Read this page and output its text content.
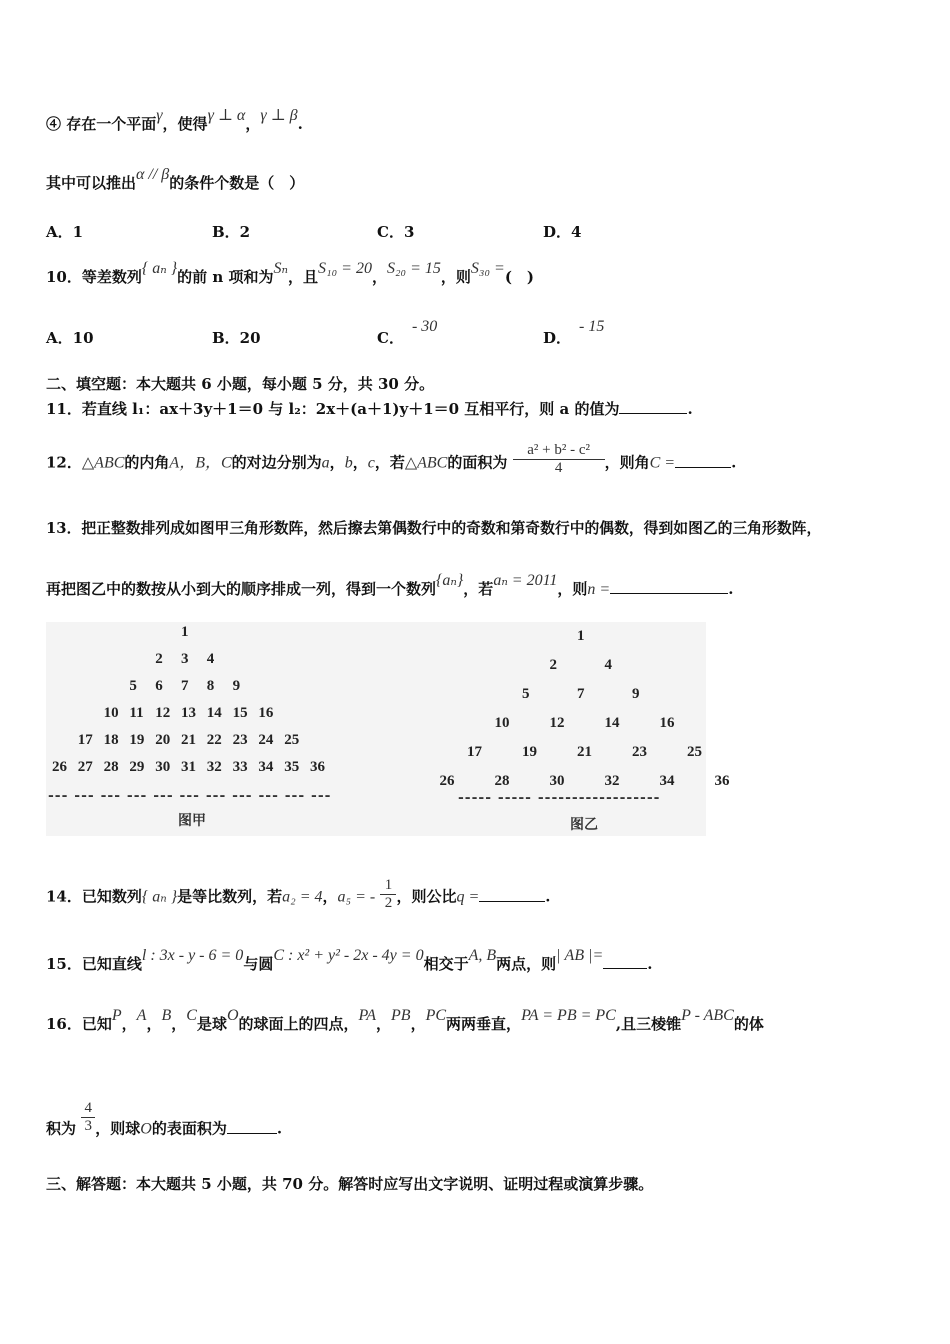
④ 存在一个平面γ，使得γ ⊥ α，γ ⊥ β.
其中可以推出α // β的条件个数是（　）
A．1	B．2	C．3	D．4
10．等差数列{ aₙ }的前 n 项和为Sₙ，且S₁₀ = 20，S₂₀ = 15，则S₃₀ =(　)
A．10	B．20	C．- 30
D．- 15
二、填空题：本大题共 6 小题，每小题 5 分，共 30 分。
11．若直线 l₁：ax＋3y＋1＝0 与 l₂：2x＋(a＋1)y＋1＝0 互相平行，则 a 的值为	.
12．△ABC的内角A，B，C的对边分别为a，b，c，若△ABC的面积为 $\frac{\text{a² + b² - c²}}{4}$ ，则角C =	.
13．把正整数排列成如图甲三角形数阵，然后擦去第偶数行中的奇数和第奇数行中的偶数，得到如图乙的三角形数阵，
再把图乙中的数按从小到大的顺序排成一列，得到一个数列{aₙ}，若aₙ = 2011，则n =	.
1
2 3 4
5 6 7 8 9
10 11 12 13 14 15 16
17 18 19 20 21 22 23 24 25
26 27 28 29 30 31 32 33 34 35 36
--- --- --- --- --- --- --- --- --- --- ---
图甲
1
2	4
5	7	9
10	12	14	16
17	19	21	23	25
26	28	30	32	34	36
----- ----- ------------------
图乙
14．已知数列{ aₙ }是等比数列，若a₂ = 4，a₅ = - $\frac{1}{2}$ ，则公比q =	.
15．已知直线l : 3x - y - 6 = 0与圆C : x² + y² - 2x - 4y = 0相交于A, B两点，则| AB |=	.
16．已知P，A，B，C是球O的球面上的四点，PA，PB，PC两两垂直，PA = PB = PC,且三棱锥P - ABC的体
积为 $\frac{4}{3}$ ，则球O的表面积为	.
三、解答题：本大题共 5 小题，共 70 分。解答时应写出文字说明、证明过程或演算步骤。
